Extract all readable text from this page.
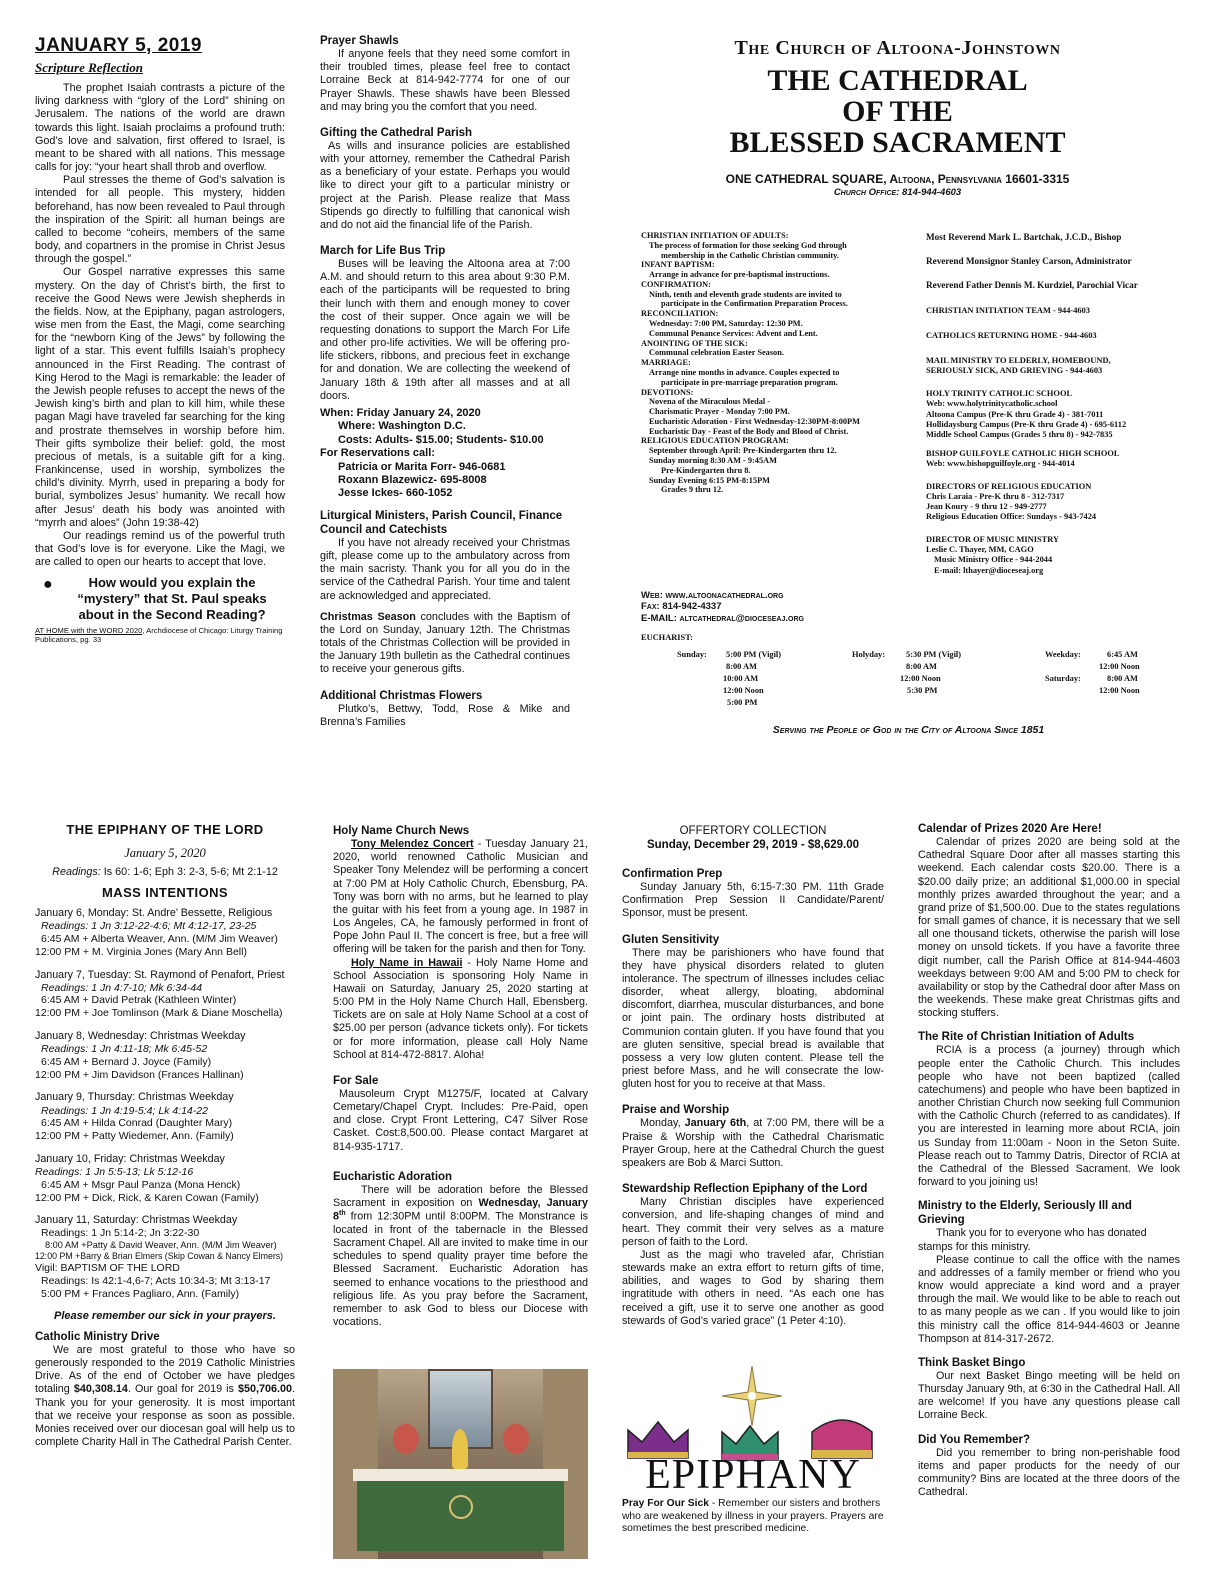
JANUARY 5, 2019
Scripture Reflection

The prophet Isaiah contrasts a picture of the living darkness with “glory of the Lord” shining on Jerusalem. The nations of the world are drawn towards this light. Isaiah proclaims a profound truth: God’s love and salvation, first offered to Israel, is meant to be shared with all nations. This message calls for joy: “your heart shall throb and overflow.

Paul stresses the theme of God’s salvation is intended for all people. This mystery, hidden beforehand, has now been revealed to Paul through the inspiration of the Spirit: all human beings are called to become “coheirs, members of the same body, and copartners in the promise in Christ Jesus through the gospel.”

Our Gospel narrative expresses this same mystery. On the day of Christ’s birth, the first to receive the Good News were Jewish shepherds in the fields. Now, at the Epiphany, pagan astrologers, wise men from the East, the Magi, come searching for the “newborn King of the Jews” by following the light of a star. This event fulfills Isaiah’s prophecy announced in the First Reading. The contrast of King Herod to the Magi is remarkable: the leader of the Jewish people refuses to accept the news of the Jewish king’s birth and plan to kill him, while these pagan Magi have traveled far searching for the king and prostrate themselves in worship before him. Their gifts symbolize their belief: gold, the most precious of metals, is a suitable gift for a king. Frankincense, used in worship, symbolizes the child’s divinity. Myrrh, used in preparing a body for burial, symbolizes Jesus’ humanity. We recall how after Jesus’ death his body was anointed with “myrrh and aloes” (John 19:38-42)

Our readings remind us of the powerful truth that God’s love is for everyone. Like the Magi, we are called to open our hearts to accept that love.

●	How would you explain the “mystery” that St. Paul speaks about in the Second Reading?
AT HOME with the WORD 2020, Archdiocese of Chicago: Liturgy Training Publications, pg. 33
Prayer Shawls

If anyone feels that they need some comfort in their troubled times, please feel free to contact Lorraine Beck at 814-942-7774 for one of our Prayer Shawls. These shawls have been Blessed and may bring you the comfort that you need.

Gifting the Cathedral Parish

As wills and insurance policies are established with your attorney, remember the Cathedral Parish as a beneficiary of your estate. Perhaps you would like to direct your gift to a particular ministry or project at the Parish. Please realize that Mass Stipends go directly to fulfilling that canonical wish and do not aid the financial life of the Parish.

March for Life Bus Trip

Buses will be leaving the Altoona area at 7:00 A.M. and should return to this area about 9:30 P.M. each of the participants will be requested to bring their lunch with them and enough money to cover the cost of their supper. Once again we will be requesting donations to support the March For Life and other pro-life activities. We will be offering pro-life stickers, ribbons, and precious feet in exchange for and donation. We are collecting the weekend of January 18th & 19th after all masses and at all doors.

When: Friday January 24, 2020
Where: Washington D.C.
Costs: Adults- $15.00; Students- $10.00
For Reservations call:
Patricia or Marita Forr- 946-0681
Roxann Blazewicz- 695-8008
Jesse Ickes- 660-1052
Liturgical Ministers, Parish Council, Finance Council and Catechists

If you have not already received your Christmas gift, please come up to the ambulatory across from the main sacristy. Thank you for all you do in the service of the Cathedral Parish. Your time and talent are acknowledged and appreciated.

Christmas Season concludes with the Baptism of the Lord on Sunday, January 12th. The Christmas totals of the Christmas Collection will be provided in the January 19th bulletin as the Cathedral continues to receive your generous gifts.

Additional Christmas Flowers

Plutko’s, Bettwy, Todd, Rose & Mike and Brenna’s Families

The Church of Altoona-Johnstown
THE CATHEDRAL
OF THE
BLESSED SACRAMENT
ONE CATHEDRAL SQUARE, Altoona, Pennsylvania 16601-3315
Church Office: 814-944-4603

CHRISTIAN INITIATION OF ADULTS:

The process of formation for those seeking God through

membership in the Catholic Christian community.

INFANT BAPTISM:

Arrange in advance for pre-baptismal instructions.

CONFIRMATION:

Ninth, tenth and eleventh grade students are invited to

participate in the Confirmation Preparation Process.

RECONCILIATION:

Wednesday: 7:00 PM, Saturday: 12:30 PM.

Communal Penance Services: Advent and Lent.

ANOINTING OF THE SICK:

Communal celebration Easter Season.

MARRIAGE:

Arrange nine months in advance. Couples expected to

participate in pre-marriage preparation program.

DEVOTIONS:

Novena of the Miraculous Medal -

Charismatic Prayer - Monday 7:00 PM.

Eucharistic Adoration - First Wednesday-12:30PM-8:00PM

Eucharistic Day - Feast of the Body and Blood of Christ.

RELIGIOUS EDUCATION PROGRAM:

September through April: Pre-Kindergarten thru 12.

Sunday morning 8:30 AM - 9:45AM

Pre-Kindergarten thru 8.

Sunday Evening 6:15 PM-8:15PM

Grades 9 thru 12.

Web: www.altoonacathedral.org
Fax: 814-942-4337
E-MAIL: altcathedral@dioceseaj.org

Most Reverend Mark L. Bartchak, J.C.D., Bishop

Reverend Monsignor Stanley Carson, Administrator

Reverend Father Dennis M. Kurdziel, Parochial Vicar

CHRISTIAN INITIATION TEAM - 944-4603

CATHOLICS RETURNING HOME - 944-4603

MAIL MINISTRY TO ELDERLY, HOMEBOUND,

SERIOUSLY SICK, AND GRIEVING - 944-4603

HOLY TRINITY CATHOLIC SCHOOL

Web: www.holytrinitycatholic.school

Altoona Campus (Pre-K thru Grade 4) - 381-7011

Hollidaysburg Campus (Pre-K thru Grade 4) - 695-6112

Middle School Campus (Grades 5 thru 8) - 942-7835

BISHOP GUILFOYLE CATHOLIC HIGH SCHOOL

Web: www.bishopguilfoyle.org - 944-4014

DIRECTORS OF RELIGIOUS EDUCATION

Chris Laraia - Pre-K thru 8 - 312-7317

Jean Koury - 9 thru 12 - 949-2777

Religious Education Office: Sundays - 943-7424

DIRECTOR OF MUSIC MINISTRY

Leslie C. Thayer, MM, CAGO

Music Ministry Office - 944-2044

E-mail: lthayer@dioceseaj.org

EUCHARIST:
Sunday: 5:00 PM (Vigil)
8:00 AM
10:00 AM
12:00 Noon
5:00 PM
Holyday: 5:30 PM (Vigil)
8:00 AM
12:00 Noon
5:30 PM
Weekday:	6:45 AM
12:00 Noon
Saturday:	8:00 AM
12:00 Noon
Serving the People of God in the City of Altoona Since 1851
THE EPIPHANY OF THE LORD
January 5, 2020
Readings: Is 60: 1-6; Eph 3: 2-3, 5-6; Mt 2:1-12
MASS INTENTIONS

January 6, Monday: St. Andre’ Bessette, Religious

Readings: 1 Jn 3:12-22-4:6; Mt 4:12-17, 23-25

6:45 AM + Alberta Weaver, Ann. (M/M Jim Weaver)

12:00 PM + M. Virginia Jones (Mary Ann Bell)

January 7, Tuesday: St. Raymond of Penafort, Priest

Readings: 1 Jn 4:7-10; Mk 6:34-44

6:45 AM + David Petrak (Kathleen Winter)

12:00 PM + Joe Tomlinson (Mark & Diane Moschella)

January 8, Wednesday: Christmas Weekday

Readings: 1 Jn 4:11-18; Mk 6:45-52

6:45 AM + Bernard J. Joyce (Family)

12:00 PM + Jim Davidson (Frances Hallinan)

January 9, Thursday: Christmas Weekday

Readings: 1 Jn 4:19-5:4; Lk 4:14-22

6:45 AM + Hilda Conrad (Daughter Mary)

12:00 PM + Patty Wiedemer, Ann. (Family)

January 10, Friday: Christmas Weekday

Readings: 1 Jn 5:5-13; Lk 5:12-16

6:45 AM + Msgr Paul Panza (Mona Henck)

12:00 PM + Dick, Rick, & Karen Cowan (Family)

January 11, Saturday: Christmas Weekday

Readings: 1 Jn 5:14-2; Jn 3:22-30

8:00 AM +Patty & David Weaver, Ann. (M/M Jim Weaver)

12:00 PM +Barry & Brian Elmers (Skip Cowan & Nancy Elmers)

Vigil: BAPTISM OF THE LORD

Readings: Is 42:1-4,6-7; Acts 10:34-3; Mt 3:13-17

5:00 PM + Frances Pagliaro, Ann. (Family)

Please remember our sick in your prayers.
Catholic Ministry Drive

We are most grateful to those who have so generously responded to the 2019 Catholic Ministries Drive. As of the end of October we have pledges totaling $40,308.14. Our goal for 2019 is $50,706.00. Thank you for your generosity. It is most important that we receive your response as soon as possible. Monies received over our diocesan goal will help us to complete Charity Hall in The Cathedral Parish Center.

Holy Name Church News

Tony Melendez Concert - Tuesday January 21, 2020, world renowned Catholic Musician and Speaker Tony Melendez will be performing a concert at 7:00 PM at Holy Catholic Church, Ebensburg, PA. Tony was born with no arms, but he learned to play the guitar with his feet from a young age. In 1987 in Los Angeles, CA, he famously performed in front of Pope John Paul II. The concert is free, but a free will offering will be taken for the parish and then for Tony.

Holy Name in Hawaii - Holy Name Home and School Association is sponsoring Holy Name in Hawaii on Saturday, January 25, 2020 starting at 5:00 PM in the Holy Name Church Hall, Ebensberg. Tickets are on sale at Holy Name School at a cost of $25.00 per person (advance tickets only). For tickets or for more information, please call Holy Name School at 814-472-8817. Aloha!

For Sale

Mausoleum Crypt M1275/F, located at Calvary Cemetary/Chapel Crypt. Includes: Pre-Paid, open and close. Crypt Front Lettering, C47 Silver Rose Casket. Cost:8,500.00. Please contact Margaret at 814-935-1717.

Eucharistic Adoration

There will be adoration before the Blessed Sacrament in exposition on Wednesday, January 8th from 12:30PM until 8:00PM. The Monstrance is located in front of the tabernacle in the Blessed Sacrament Chapel. All are invited to make time in our schedules to spend quality prayer time before the Blessed Sacrament. Eucharistic Adoration has seemed to enhance vocations to the priesthood and religious life. As you pray before the Sacrament, remember to ask God to bless our Diocese with vocations.

OFFERTORY COLLECTION
Sunday, December 29, 2019 - $8,629.00
Confirmation Prep

Sunday January 5th, 6:15-7:30 PM. 11th Grade Confirmation Prep Session II Candidate/Parent/ Sponsor, must be present.

Gluten Sensitivity

There may be parishioners who have found that they have physical disorders related to gluten intolerance. The spectrum of illnesses includes celiac disorder, wheat allergy, bloating, abdominal discomfort, diarrhea, muscular disturbances, and bone or joint pain. The ordinary hosts distributed at Communion contain gluten. If you have found that you are gluten sensitive, special bread is available that possess a very low gluten content. Please tell the priest before Mass, and he will consecrate the low-gluten host for you to receive at that Mass.

Praise and Worship

Monday, January 6th, at 7:00 PM, there will be a Praise & Worship with the Cathedral Charismatic Prayer Group, here at the Cathedral Church the guest speakers are Bob & Marci Sutton.

Stewardship Reflection Epiphany of the Lord

Many Christian disciples have experienced conversion, and life-shaping changes of mind and heart. They commit their very selves as a mature person of faith to the Lord.

Just as the magi who traveled afar, Christian stewards make an extra effort to return gifts of time, abilities, and wages to God by sharing them ingratitude with others in need. “As each one has received a gift, use it to serve one another as good stewards of God’s varied grace” (1 Peter 4:10).

EPIPHANY

Pray For Our Sick - Remember our sisters and brothers who are weakened by illness in your prayers. Prayers are sometimes the best prescribed medicine.

Calendar of Prizes 2020 Are Here!

Calendar of prizes 2020 are being sold at the Cathedral Square Door after all masses starting this weekend. Each calendar costs $20.00. There is a $20.00 daily prize; an additional $1,000.00 in special monthly prizes awarded throughout the year; and a grand prize of $1,500.00. Due to the states regulations for small games of chance, it is necessary that we sell all one thousand tickets, otherwise the parish will lose money on unsold tickets. If you have a favorite three digit number, call the Parish Office at 814-944-4603 weekdays between 9:00 AM and 5:00 PM to check for availability or stop by the Cathedral door after Mass on the weekends. These make great Christmas gifts and stocking stuffers.

The Rite of Christian Initiation of Adults

RCIA is a process (a journey) through which people enter the Catholic Church. This includes people who have not been baptized (called catechumens) and people who have been baptized in another Christian Church now seeking full Communion with the Catholic Church (referred to as candidates). If you are interested in learning more about RCIA, join us Sunday from 11:00am - Noon in the Seton Suite. Please reach out to Tammy Datris, Director of RCIA at the Cathedral of the Blessed Sacrament. We look forward to you joining us!

Ministry to the Elderly, Seriously Ill and Grieving

Thank you for to everyone who has donated stamps for this ministry.

Please continue to call the office with the names and addresses of a family member or friend who you know would appreciate a kind word and a prayer through the mail. We would like to be able to reach out to as many people as we can . If you would like to join this ministry call the office 814-944-4603 or Jeanne Thompson at 814-317-2672.

Think Basket Bingo

Our next Basket Bingo meeting will be held on Thursday January 9th, at 6:30 in the Cathedral Hall. All are welcome! If you have any questions please call Lorraine Beck.

Did You Remember?

Did you remember to bring non-perishable food items and paper products for the needy of our community? Bins are located at the three doors of the Cathedral.
